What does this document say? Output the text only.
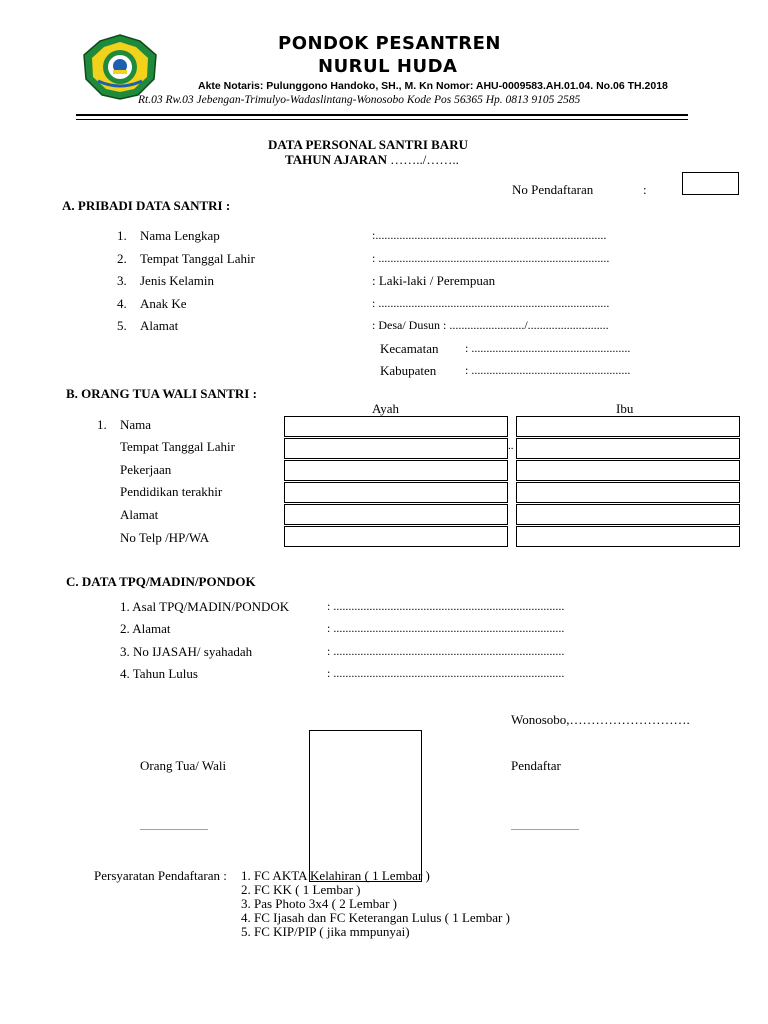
PONDOK PESANTREN
NURUL HUDA
Akte Notaris: Pulunggono Handoko, SH., M. Kn Nomor: AHU-0009583.AH.01.04. No.06 TH.2018
Rt.03 Rw.03 Jebengan-Trimulyo-Wadaslintang-Wonosobo Kode Pos 56365 Hp. 0813 9105 2585
DATA PERSONAL SANTRI BARU
TAHUN AJARAN ……../……..
No Pendaftaran	:
A. PRIBADI DATA SANTRI :
1. Nama Lengkap	:.............................................................................
2. Tempat Tanggal Lahir	: .............................................................................
3. Jenis Kelamin	: Laki-laki / Perempuan
4. Anak Ke	: .............................................................................
5. Alamat	: Desa/ Dusun : ........................./...........................
Kecamatan : .....................................................
Kabupaten : .....................................................
B. ORANG TUA WALI SANTRI :
Ayah	Ibu
1. Nama
Tempat Tanggal Lahir
Pekerjaan
Pendidikan terakhir
Alamat
No Telp /HP/WA
..
C. DATA TPQ/MADIN/PONDOK
1. Asal TPQ/MADIN/PONDOK	: .............................................................................
2. Alamat	: .............................................................................
3. No IJASAH/ syahadah	: .............................................................................
4. Tahun Lulus	: .............................................................................
Wonosobo,……………………….
Orang Tua/ Wali	Pendaftar
..................................	..................................
Persyaratan Pendaftaran : 1. FC AKTA Kelahiran ( 1 Lembar )
2. FC KK ( 1 Lembar )
3. Pas Photo 3x4 ( 2 Lembar )
4. FC Ijasah dan FC Keterangan Lulus ( 1 Lembar )
5. FC KIP/PIP ( jika mmpunyai)
